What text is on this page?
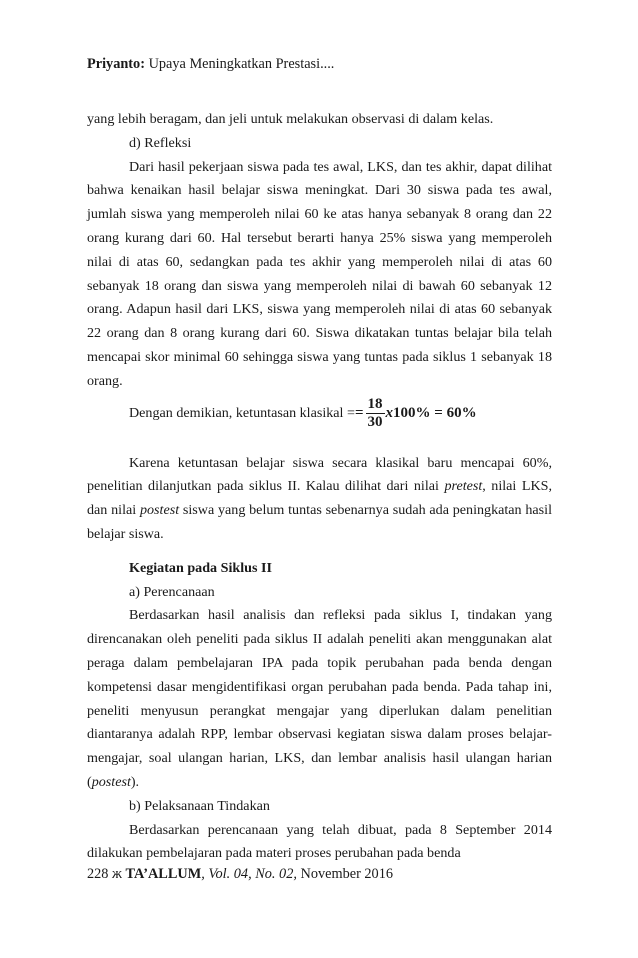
Priyanto: Upaya Meningkatkan Prestasi....

yang lebih beragam, dan jeli untuk melakukan observasi di dalam kelas.

d) Refleksi

Dari hasil pekerjaan siswa pada tes awal, LKS, dan tes akhir, dapat dilihat bahwa kenaikan hasil belajar siswa meningkat. Dari 30 siswa pada tes awal, jumlah siswa yang memperoleh nilai 60 ke atas hanya sebanyak 8 orang dan 22 orang kurang dari 60. Hal tersebut berarti hanya 25% siswa yang memperoleh nilai di atas 60, sedangkan pada tes akhir yang memperoleh nilai di atas 60 sebanyak 18 orang dan siswa yang memperoleh nilai di bawah 60 sebanyak 12 orang. Adapun hasil dari LKS, siswa yang memperoleh nilai di atas 60 sebanyak 22 orang dan 8 orang kurang dari 60. Siswa dikatakan tuntas belajar bila telah mencapai skor minimal 60 sehingga siswa yang tuntas pada siklus 1 sebanyak 18 orang.

Dengan demikian, ketuntasan klasikal = = $\frac{18}{30} x100\% = 60\%$

Karena ketuntasan belajar siswa secara klasikal baru mencapai 60%, penelitian dilanjutkan pada siklus II. Kalau dilihat dari nilai pretest, nilai LKS, dan nilai postest siswa yang belum tuntas sebenarnya sudah ada peningkatan hasil belajar siswa.

Kegiatan pada Siklus II

a) Perencanaan

Berdasarkan hasil analisis dan refleksi pada siklus I, tindakan yang direncanakan oleh peneliti pada siklus II adalah peneliti akan menggunakan alat peraga dalam pembelajaran IPA pada topik perubahan pada benda dengan kompetensi dasar mengidentifikasi organ perubahan pada benda. Pada tahap ini, peneliti menyusun perangkat mengajar yang diperlukan dalam penelitian diantaranya adalah RPP, lembar observasi kegiatan siswa dalam proses belajar-mengajar, soal ulangan harian, LKS, dan lembar analisis hasil ulangan harian (postest).

b) Pelaksanaan Tindakan

Berdasarkan perencanaan yang telah dibuat, pada 8 September 2014 dilakukan pembelajaran pada materi proses perubahan pada benda

228 ж TA’ALLUM, Vol. 04, No. 02, November 2016
